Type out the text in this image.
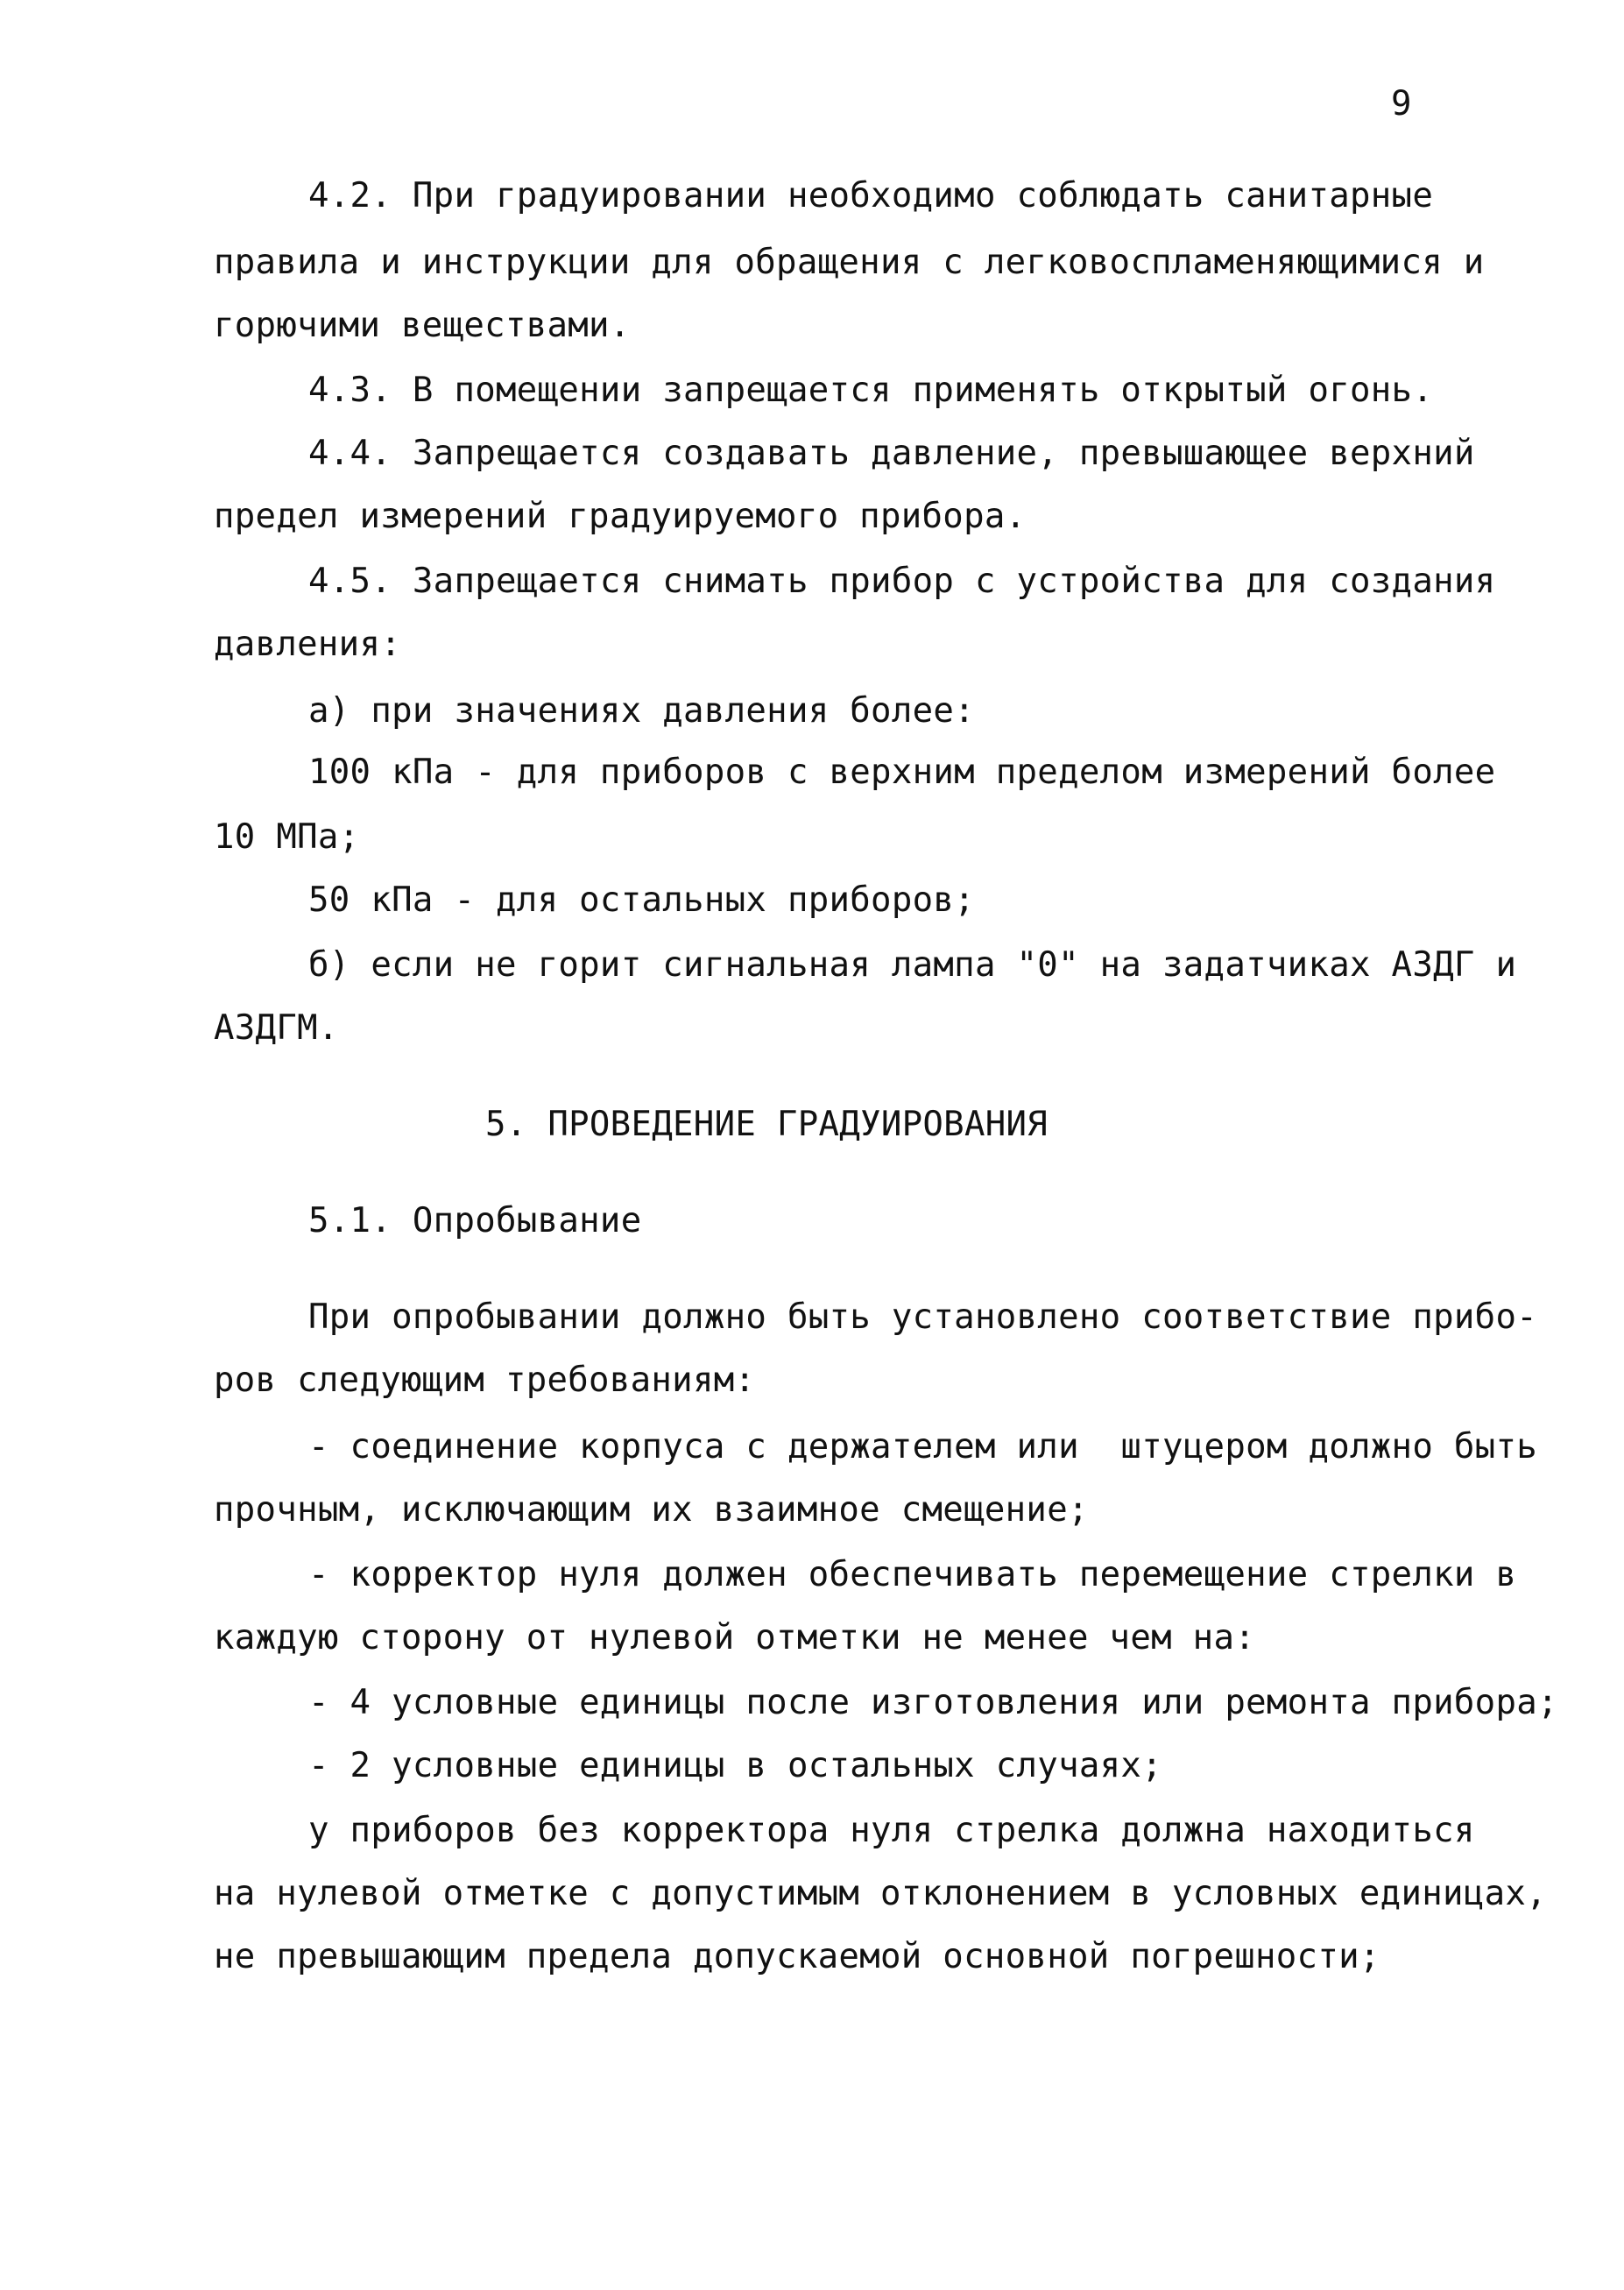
9
4.2. При градуировании необходимо соблюдать санитарные
правила и инструкции для обращения с легковоспламеняющимися и
горючими веществами.
4.3. В помещении запрещается применять открытый огонь.
4.4. Запрещается создавать давление, превышающее верхний
предел измерений градуируемого прибора.
4.5. Запрещается снимать прибор с устройства для создания
давления:
а) при значениях давления более:
100 кПа - для приборов с верхним пределом измерений более
10 МПа;
50 кПа - для остальных приборов;
б) если не горит сигнальная лампа "0" на задатчиках АЗДГ и
АЗДГМ.
5. ПРОВЕДЕНИЕ ГРАДУИРОВАНИЯ
5.1. Опробывание
При опробывании должно быть установлено соответствие прибо-
ров следующим требованиям:
- соединение корпуса с держателем или  штуцером должно быть
прочным, исключающим их взаимное смещение;
- корректор нуля должен обеспечивать перемещение стрелки в
каждую сторону от нулевой отметки не менее чем на:
- 4 условные единицы после изготовления или ремонта прибора;
- 2 условные единицы в остальных случаях;
у приборов без корректора нуля стрелка должна находиться
на нулевой отметке с допустимым отклонением в условных единицах,
не превышающим предела допускаемой основной погрешности;
